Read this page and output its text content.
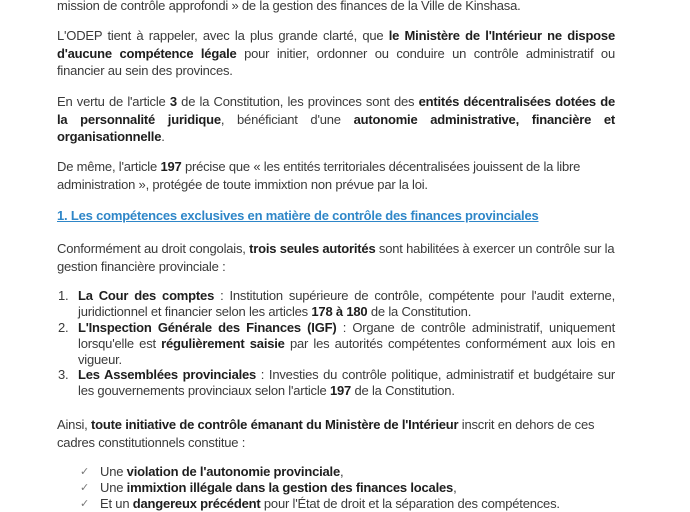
mission de contrôle approfondi » de la gestion des finances de la Ville de Kinshasa.

L'ODEP tient à rappeler, avec la plus grande clarté, que le Ministère de l'Intérieur ne dispose d'aucune compétence légale pour initier, ordonner ou conduire un contrôle administratif ou financier au sein des provinces.

En vertu de l'article 3 de la Constitution, les provinces sont des entités décentralisées dotées de la personnalité juridique, bénéficiant d'une autonomie administrative, financière et organisationnelle.

De même, l'article 197 précise que « les entités territoriales décentralisées jouissent de la libre administration », protégée de toute immixtion non prévue par la loi.

1. Les compétences exclusives en matière de contrôle des finances provinciales

Conformément au droit congolais, trois seules autorités sont habilitées à exercer un contrôle sur la gestion financière provinciale :

1. La Cour des comptes : Institution supérieure de contrôle, compétente pour l'audit externe, juridictionnel et financier selon les articles 178 à 180 de la Constitution.
2. L'Inspection Générale des Finances (IGF) : Organe de contrôle administratif, uniquement lorsqu'elle est régulièrement saisie par les autorités compétentes conformément aux lois en vigueur.
3. Les Assemblées provinciales : Investies du contrôle politique, administratif et budgétaire sur les gouvernements provinciaux selon l'article 197 de la Constitution.

Ainsi, toute initiative de contrôle émanant du Ministère de l'Intérieur inscrit en dehors de ces cadres constitutionnels constitue :

✓ Une violation de l'autonomie provinciale,
✓ Une immixtion illégale dans la gestion des finances locales,
✓ Et un dangereux précédent pour l'État de droit et la séparation des compétences.
